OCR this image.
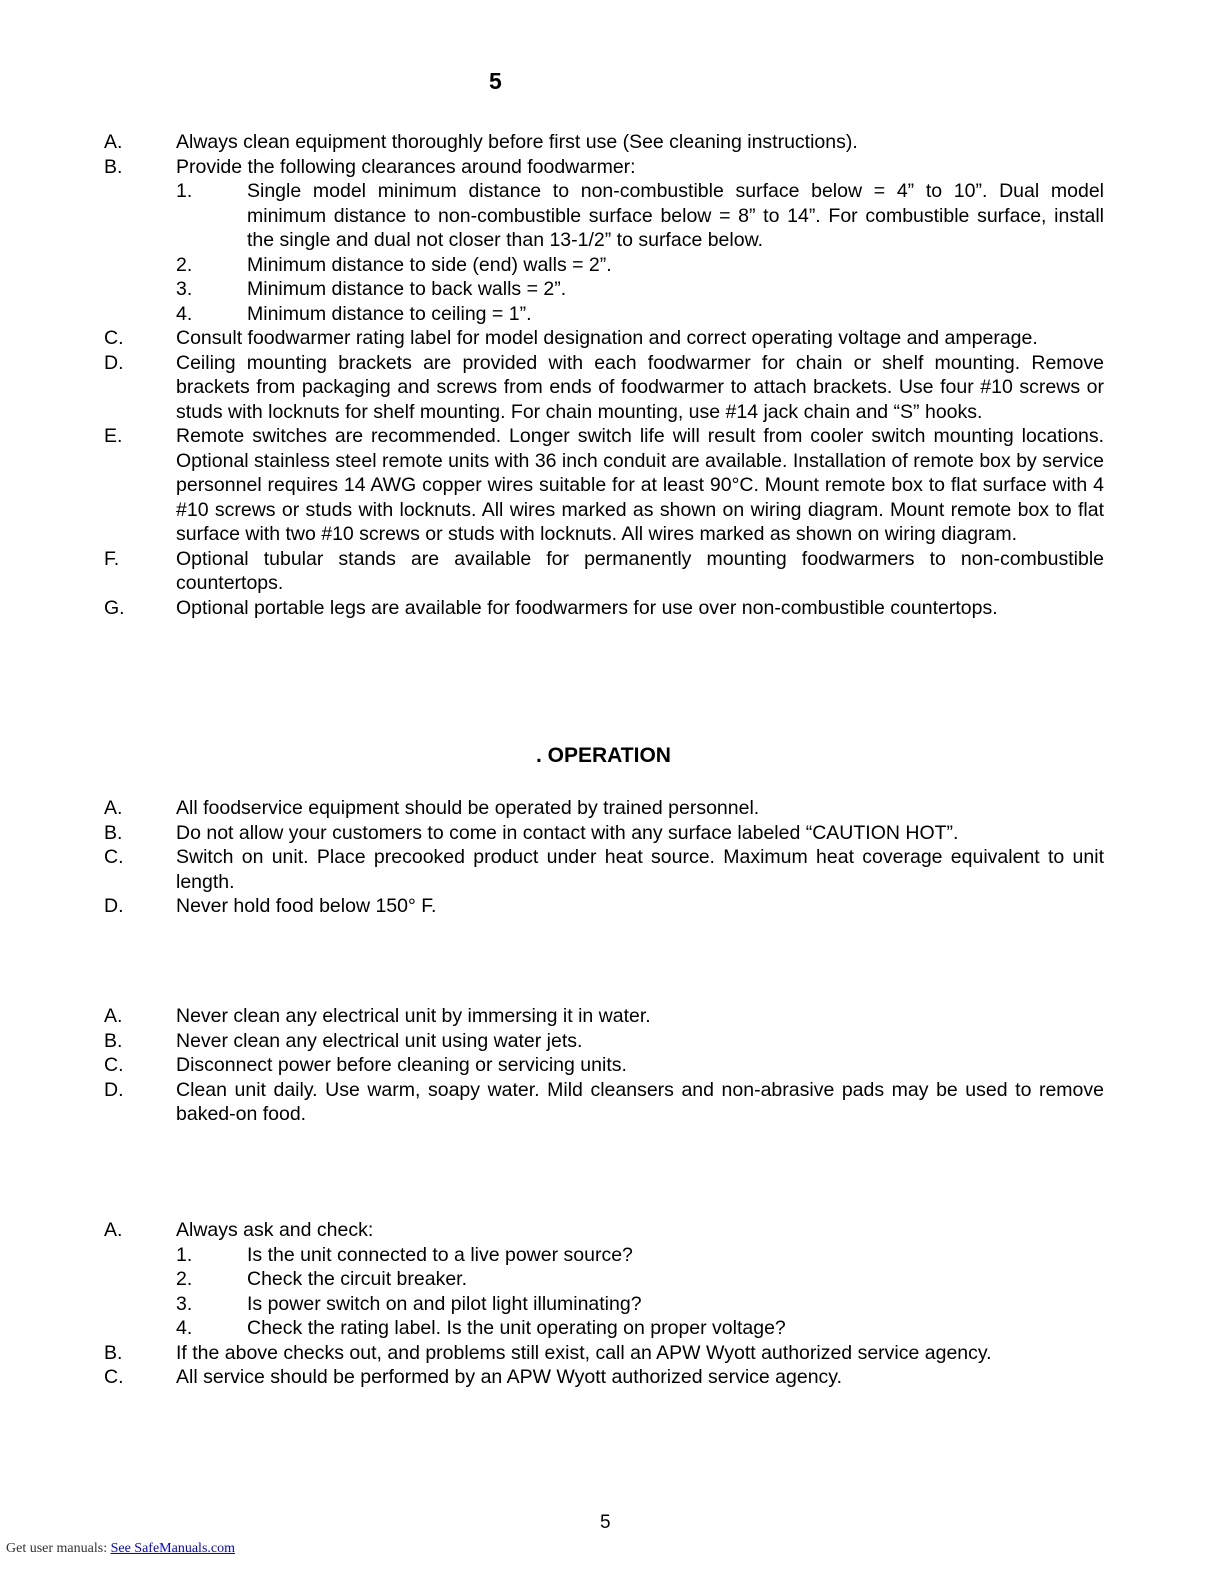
5
A.	Always clean equipment thoroughly before first use (See cleaning instructions).
B.	Provide the following clearances around foodwarmer:
1.	Single model minimum distance to non-combustible surface below = 4” to 10”. Dual model minimum distance to non-combustible surface below = 8” to 14”. For combustible surface, install the single and dual not closer than 13-1/2” to surface below.
2.	Minimum distance to side (end) walls = 2”.
3.	Minimum distance to back walls = 2”.
4.	Minimum distance to ceiling = 1”.
C.	Consult foodwarmer rating label for model designation and correct operating voltage and amperage.
D.	Ceiling mounting brackets are provided with each foodwarmer for chain or shelf mounting. Remove brackets from packaging and screws from ends of foodwarmer to attach brackets. Use four #10 screws or studs with locknuts for shelf mounting. For chain mounting, use #14 jack chain and “S” hooks.
E.	Remote switches are recommended. Longer switch life will result from cooler switch mounting locations. Optional stainless steel remote units with 36 inch conduit are available. Installation of remote box by service personnel requires 14 AWG copper wires suitable for at least 90°C. Mount remote box to flat surface with 4 #10 screws or studs with locknuts. All wires marked as shown on wiring diagram. Mount remote box to flat surface with two #10 screws or studs with locknuts. All wires marked as shown on wiring diagram.
F.	Optional tubular stands are available for permanently mounting foodwarmers to non-combustible countertops.
G.	Optional portable legs are available for foodwarmers for use over non-combustible countertops.
. OPERATION
A.	All foodservice equipment should be operated by trained personnel.
B.	Do not allow your customers to come in contact with any surface labeled “CAUTION HOT”.
C.	Switch on unit. Place precooked product under heat source. Maximum heat coverage equivalent to unit length.
D.	Never hold food below 150° F.
A.	Never clean any electrical unit by immersing it in water.
B.	Never clean any electrical unit using water jets.
C.	Disconnect power before cleaning or servicing units.
D.	Clean unit daily. Use warm, soapy water. Mild cleansers and non-abrasive pads may be used to remove baked-on food.
A.	Always ask and check:
1.	Is the unit connected to a live power source?
2.	Check the circuit breaker.
3.	Is power switch on and pilot light illuminating?
4.	Check the rating label. Is the unit operating on proper voltage?
B.	If the above checks out, and problems still exist, call an APW Wyott authorized service agency.
C.	All service should be performed by an APW Wyott authorized service agency.
5
Get user manuals: See SafeManuals.com
